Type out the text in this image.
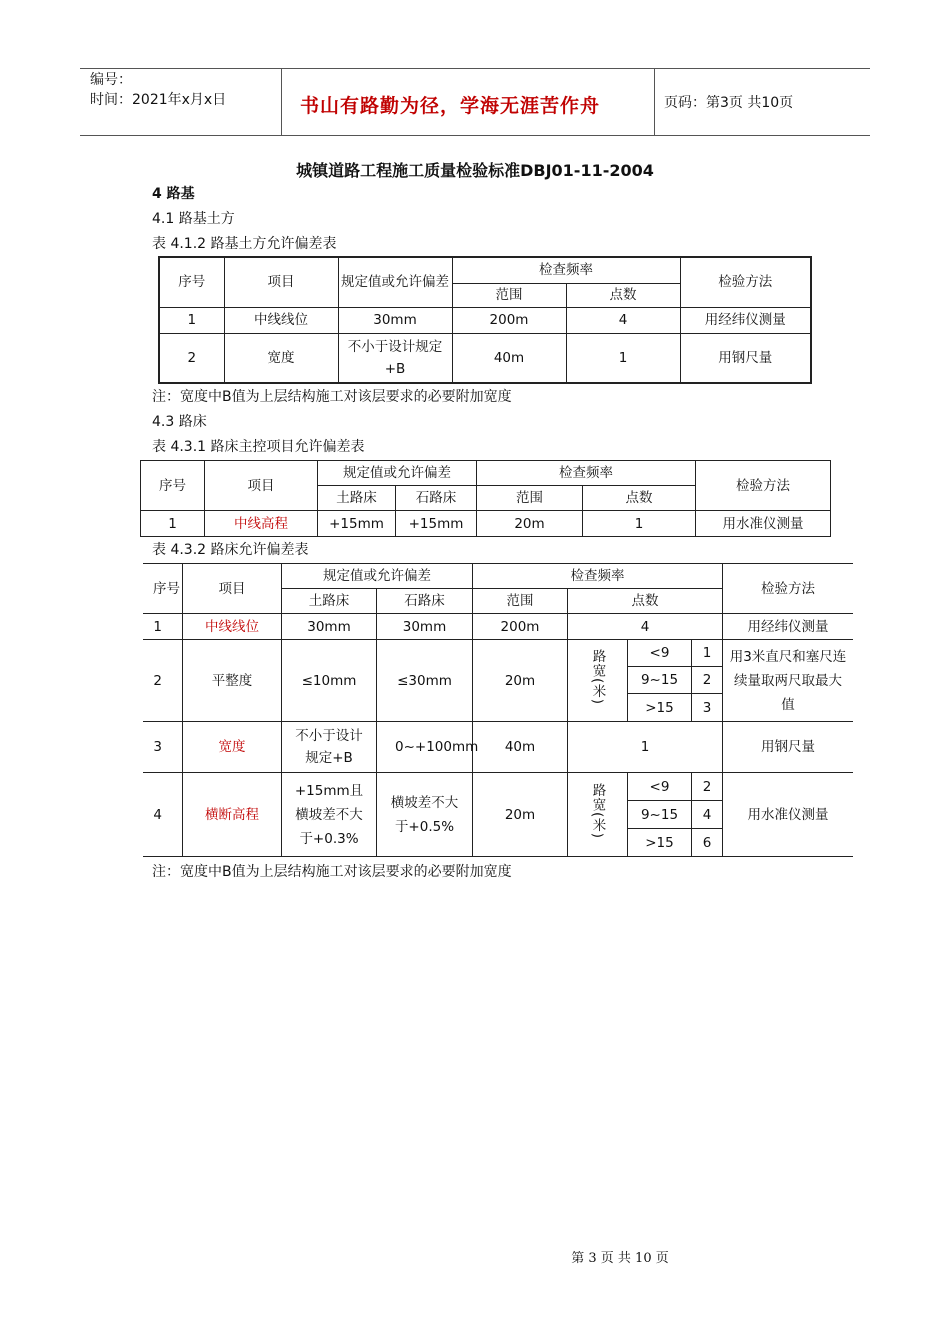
编号：
时间：2021年x月x日	书山有路勤为径，学海无涯苦作舟	页码：第3页 共10页
城镇道路工程施工质量检验标准DBJ01-11-2004
4 路基
4.1 路基土方
表 4.1.2 路基土方允许偏差表
序号	项目	规定值或允许偏差	检查频率		检验方法
			范围	点数	
1	中线线位	30mm	200m	4	用经纬仪测量
2	宽度	不小于设计规定+B	40m	1	用钢尺量
注：宽度中B值为上层结构施工对该层要求的必要附加宽度
4.3 路床
表 4.3.1 路床主控项目允许偏差表
序号	项目	规定值或允许偏差		检查频率		检验方法
		土路床	石路床	范围	点数	
1	中线高程	+15mm	+15mm	20m	1	用水准仪测量
表 4.3.2 路床允许偏差表
序号	项目	规定值或允许偏差		检查频率				检验方法
		土路床	石路床	范围	点数			
1	中线线位	30mm	30mm	200m	4			用经纬仪测量
2	平整度	≤10mm	≤30mm	20m	路宽(米)	<9	1	用3米直尺和塞尺连续量取两尺取最大值
						9~15	2	
						>15	3	
3	宽度	不小于设计规定+B	0~+100mm	40m	1			用钢尺量
4	横断高程	+15mm且横坡差不大于+0.3%	横坡差不大于+0.5%	20m	路宽(米)	<9	2	用水准仪测量
						9~15	4	
						>15	6	
注：宽度中B值为上层结构施工对该层要求的必要附加宽度
第 3 页 共 10 页
